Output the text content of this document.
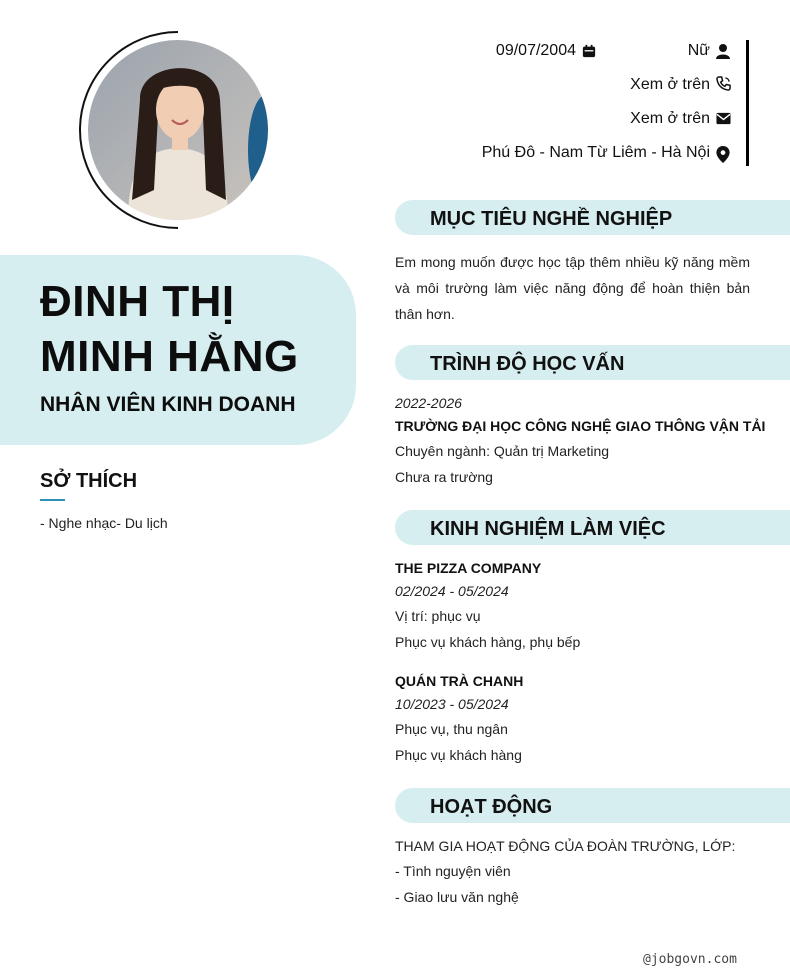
ĐINH THỊ
MINH HẰNG
NHÂN VIÊN KINH DOANH
SỞ THÍCH
- Nghe nhạc- Du lịch
09/07/2004	Nữ
Xem ở trên
Xem ở trên
Phú Đô - Nam Từ Liêm - Hà Nội
MỤC TIÊU NGHỀ NGHIỆP
Em mong muốn được học tập thêm nhiều kỹ năng mềm và môi trường làm việc năng động để hoàn thiện bản thân hơn.
TRÌNH ĐỘ HỌC VẤN
2022-2026
TRƯỜNG ĐẠI HỌC CÔNG NGHỆ GIAO THÔNG VẬN TẢI
Chuyên ngành: Quản trị Marketing
Chưa ra trường
KINH NGHIỆM LÀM VIỆC
THE PIZZA COMPANY
02/2024 - 05/2024
Vị trí: phục vụ
Phục vụ khách hàng, phụ bếp
QUÁN TRÀ CHANH
10/2023 - 05/2024
Phục vụ, thu ngân
Phục vụ khách hàng
HOẠT ĐỘNG
THAM GIA HOẠT ĐỘNG CỦA ĐOÀN TRƯỜNG, LỚP:
- Tình nguyện viên
- Giao lưu văn nghệ
@jobgovn.com
